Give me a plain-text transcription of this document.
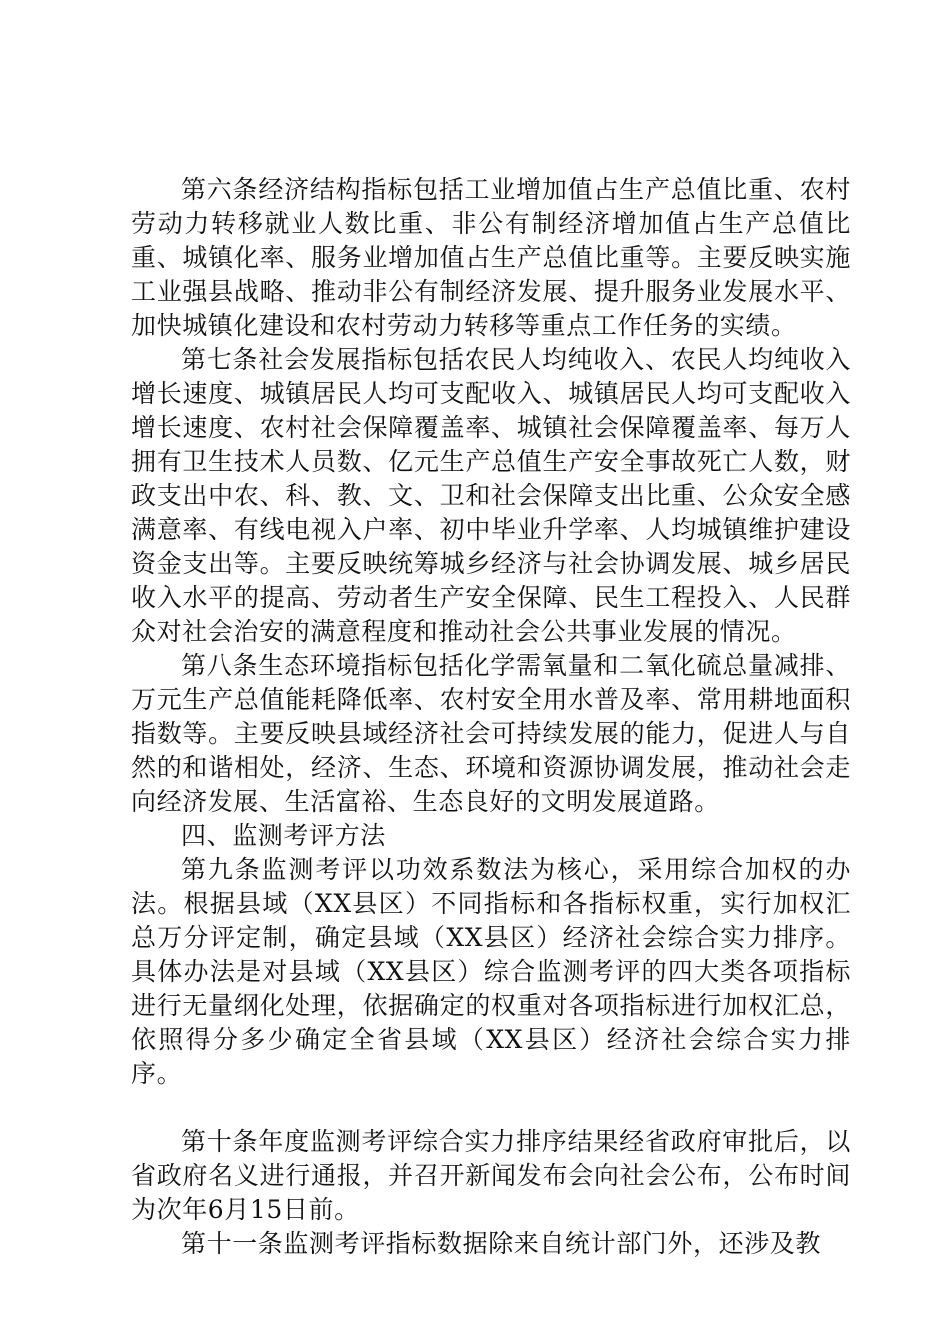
第六条经济结构指标包括工业增加值占生产总值比重、农村劳动力转移就业人数比重、非公有制经济增加值占生产总值比重、城镇化率、服务业增加值占生产总值比重等。主要反映实施工业强县战略、推动非公有制经济发展、提升服务业发展水平、加快城镇化建设和农村劳动力转移等重点工作任务的实绩。

第七条社会发展指标包括农民人均纯收入、农民人均纯收入增长速度、城镇居民人均可支配收入、城镇居民人均可支配收入增长速度、农村社会保障覆盖率、城镇社会保障覆盖率、每万人拥有卫生技术人员数、亿元生产总值生产安全事故死亡人数，财政支出中农、科、教、文、卫和社会保障支出比重、公众安全感满意率、有线电视入户率、初中毕业升学率、人均城镇维护建设资金支出等。主要反映统筹城乡经济与社会协调发展、城乡居民收入水平的提高、劳动者生产安全保障、民生工程投入、人民群众对社会治安的满意程度和推动社会公共事业发展的情况。

第八条生态环境指标包括化学需氧量和二氧化硫总量减排、万元生产总值能耗降低率、农村安全用水普及率、常用耕地面积指数等。主要反映县域经济社会可持续发展的能力，促进人与自然的和谐相处，经济、生态、环境和资源协调发展，推动社会走向经济发展、生活富裕、生态良好的文明发展道路。

四、监测考评方法

第九条监测考评以功效系数法为核心，采用综合加权的办法。根据县域（XX县区）不同指标和各指标权重，实行加权汇总万分评定制，确定县域（XX县区）经济社会综合实力排序。具体办法是对县域（XX县区）综合监测考评的四大类各项指标进行无量纲化处理，依据确定的权重对各项指标进行加权汇总，依照得分多少确定全省县域（XX县区）经济社会综合实力排序。

第十条年度监测考评综合实力排序结果经省政府审批后，以省政府名义进行通报，并召开新闻发布会向社会公布，公布时间为次年6月15日前。

第十一条监测考评指标数据除来自统计部门外，还涉及教
